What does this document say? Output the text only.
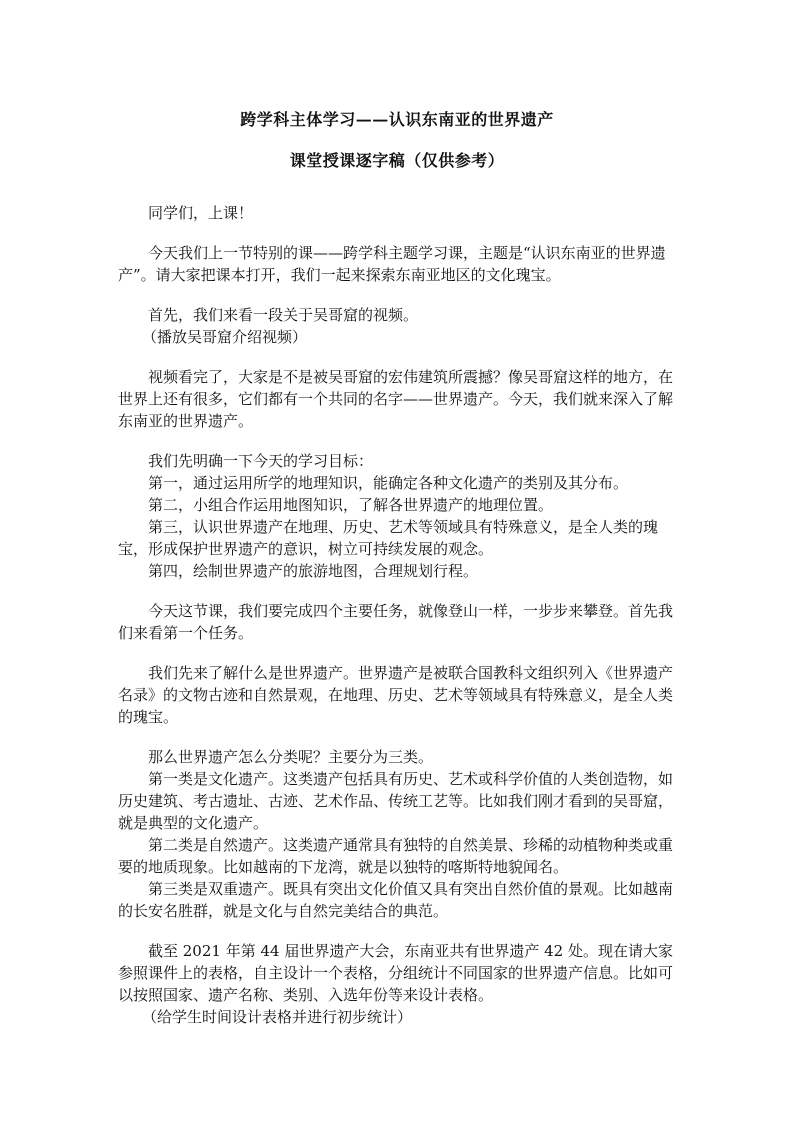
跨学科主体学习——认识东南亚的世界遗产
课堂授课逐字稿（仅供参考）

同学们，上课！

今天我们上一节特别的课——跨学科主题学习课，主题是“认识东南亚的世界遗产”。请大家把课本打开，我们一起来探索东南亚地区的文化瑰宝。

首先，我们来看一段关于吴哥窟的视频。

（播放吴哥窟介绍视频）

视频看完了，大家是不是被吴哥窟的宏伟建筑所震撼？像吴哥窟这样的地方，在世界上还有很多，它们都有一个共同的名字——世界遗产。今天，我们就来深入了解东南亚的世界遗产。

我们先明确一下今天的学习目标：

第一，通过运用所学的地理知识，能确定各种文化遗产的类别及其分布。

第二，小组合作运用地图知识，了解各世界遗产的地理位置。

第三，认识世界遗产在地理、历史、艺术等领域具有特殊意义，是全人类的瑰宝，形成保护世界遗产的意识，树立可持续发展的观念。

第四，绘制世界遗产的旅游地图，合理规划行程。

今天这节课，我们要完成四个主要任务，就像登山一样，一步步来攀登。首先我们来看第一个任务。

我们先来了解什么是世界遗产。世界遗产是被联合国教科文组织列入《世界遗产名录》的文物古迹和自然景观，在地理、历史、艺术等领域具有特殊意义，是全人类的瑰宝。

那么世界遗产怎么分类呢？主要分为三类。

第一类是文化遗产。这类遗产包括具有历史、艺术或科学价值的人类创造物，如历史建筑、考古遗址、古迹、艺术作品、传统工艺等。比如我们刚才看到的吴哥窟，就是典型的文化遗产。

第二类是自然遗产。这类遗产通常具有独特的自然美景、珍稀的动植物种类或重要的地质现象。比如越南的下龙湾，就是以独特的喀斯特地貌闻名。

第三类是双重遗产。既具有突出文化价值又具有突出自然价值的景观。比如越南的长安名胜群，就是文化与自然完美结合的典范。

截至 2021 年第 44 届世界遗产大会，东南亚共有世界遗产 42 处。现在请大家参照课件上的表格，自主设计一个表格，分组统计不同国家的世界遗产信息。比如可以按照国家、遗产名称、类别、入选年份等来设计表格。

（给学生时间设计表格并进行初步统计）
